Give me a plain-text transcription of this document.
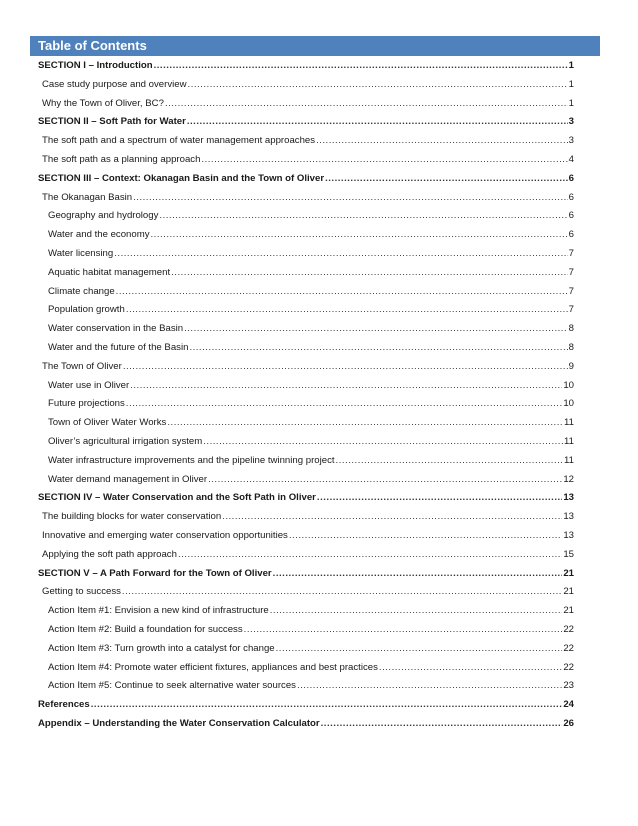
Table of Contents
SECTION I – Introduction .....	1
Case study purpose and overview .....	1
Why the Town of Oliver, BC? .....	1
SECTION II – Soft Path for Water .....	3
The soft path and a spectrum of water management approaches .....	3
The soft path as a planning approach .....	4
SECTION III – Context: Okanagan Basin and the Town of Oliver .....	6
The Okanagan Basin .....	6
Geography and hydrology .....	6
Water and the economy .....	6
Water licensing .....	7
Aquatic habitat management .....	7
Climate change .....	7
Population growth .....	7
Water conservation in the Basin .....	8
Water and the future of the Basin .....	8
The Town of Oliver .....	9
Water use in Oliver .....	10
Future projections .....	10
Town of Oliver Water Works .....	11
Oliver’s agricultural irrigation system .....	11
Water infrastructure improvements and the pipeline twinning project .....	11
Water demand management in Oliver .....	12
SECTION IV – Water Conservation and the Soft Path in Oliver .....	13
The building blocks for water conservation .....	13
Innovative and emerging water conservation opportunities .....	13
Applying the soft path approach .....	15
SECTION V – A Path Forward for the Town of Oliver .....	21
Getting to success .....	21
Action Item #1: Envision a new kind of infrastructure .....	21
Action Item #2: Build a foundation for success .....	22
Action Item #3: Turn growth into a catalyst for change .....	22
Action Item #4: Promote water efficient fixtures, appliances and best practices .....	22
Action Item #5: Continue to seek alternative water sources .....	23
References .....	24
Appendix – Understanding the Water Conservation Calculator .....	26
